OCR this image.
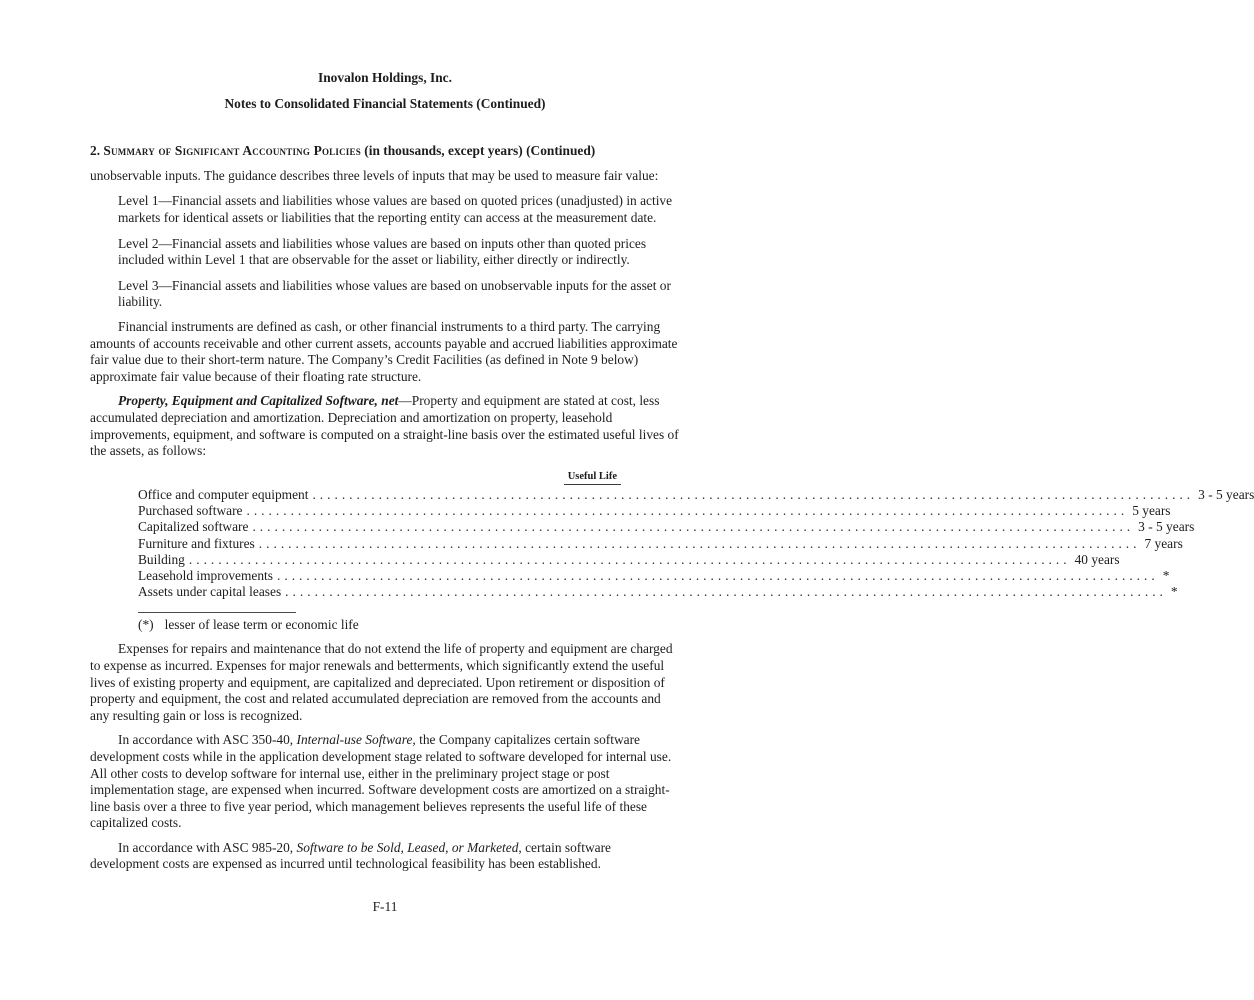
Inovalon Holdings, Inc.
Notes to Consolidated Financial Statements (Continued)
2. Summary of Significant Accounting Policies (in thousands, except years) (Continued)
unobservable inputs. The guidance describes three levels of inputs that may be used to measure fair value:
Level 1—Financial assets and liabilities whose values are based on quoted prices (unadjusted) in active markets for identical assets or liabilities that the reporting entity can access at the measurement date.
Level 2—Financial assets and liabilities whose values are based on inputs other than quoted prices included within Level 1 that are observable for the asset or liability, either directly or indirectly.
Level 3—Financial assets and liabilities whose values are based on unobservable inputs for the asset or liability.
Financial instruments are defined as cash, or other financial instruments to a third party. The carrying amounts of accounts receivable and other current assets, accounts payable and accrued liabilities approximate fair value due to their short-term nature. The Company’s Credit Facilities (as defined in Note 9 below) approximate fair value because of their floating rate structure.
Property, Equipment and Capitalized Software, net—Property and equipment are stated at cost, less accumulated depreciation and amortization. Depreciation and amortization on property, leasehold improvements, equipment, and software is computed on a straight-line basis over the estimated useful lives of the assets, as follows:
Useful Life
Office and computer equipment ........................................................................................................................ 3 - 5 years
Purchased software ........................................................................................................................ 5 years
Capitalized software ........................................................................................................................ 3 - 5 years
Furniture and fixtures ........................................................................................................................ 7 years
Building ........................................................................................................................ 40 years
Leasehold improvements ........................................................................................................................ *
Assets under capital leases ........................................................................................................................ *
(*) lesser of lease term or economic life
Expenses for repairs and maintenance that do not extend the life of property and equipment are charged to expense as incurred. Expenses for major renewals and betterments, which significantly extend the useful lives of existing property and equipment, are capitalized and depreciated. Upon retirement or disposition of property and equipment, the cost and related accumulated depreciation are removed from the accounts and any resulting gain or loss is recognized.
In accordance with ASC 350-40, Internal-use Software, the Company capitalizes certain software development costs while in the application development stage related to software developed for internal use. All other costs to develop software for internal use, either in the preliminary project stage or post implementation stage, are expensed when incurred. Software development costs are amortized on a straight-line basis over a three to five year period, which management believes represents the useful life of these capitalized costs.
In accordance with ASC 985-20, Software to be Sold, Leased, or Marketed, certain software development costs are expensed as incurred until technological feasibility has been established.
F-11
